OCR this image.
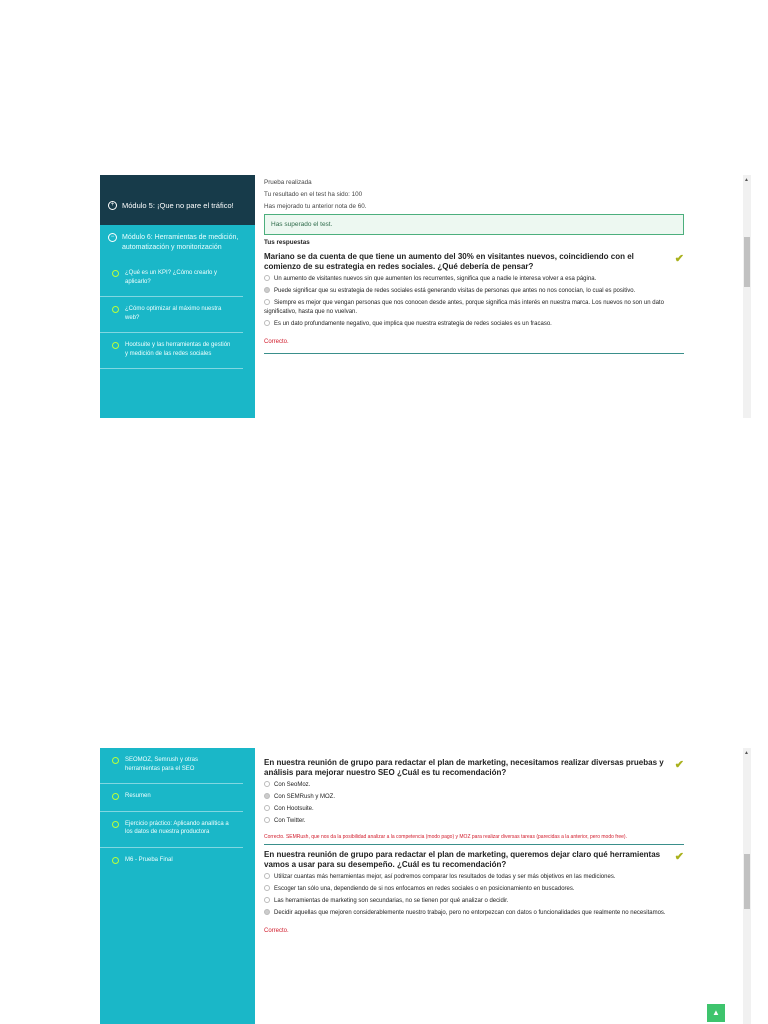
+	Módulo 5: ¡Que no pare el tráfico!
−	Módulo 6: Herramientas de medición, automatización y monitorización
¿Qué es un KPI? ¿Cómo crearlo y aplicarlo?
¿Cómo optimizar al máximo nuestra web?
Hootsuite y las herramientas de gestión y medición de las redes sociales

Prueba realizada

Tu resultado en el test ha sido: 100

Has mejorado tu anterior nota de 60.

Has superado el test.

Tus respuestas

Mariano se da cuenta de que tiene un aumento del 30% en visitantes nuevos, coincidiendo con el comienzo de su estrategia en redes sociales. ¿Qué debería de pensar?
✔
Un aumento de visitantes nuevos sin que aumenten los recurrentes, significa que a nadie le interesa volver a esa página.
Puede significar que su estrategia de redes sociales está generando visitas de personas que antes no nos conocían, lo cual es positivo.
Siempre es mejor que vengan personas que nos conocen desde antes, porque significa más interés en nuestra marca. Los nuevos no son un dato significativo, hasta que no vuelvan.
Es un dato profundamente negativo, que implica que nuestra estrategia de redes sociales es un fracaso.
Correcto.
▲
SEOMOZ, Semrush y otras herramientas para el SEO
Resumen
Ejercicio práctico: Aplicando analítica a los datos de nuestra productora
M6 - Prueba Final
En nuestra reunión de grupo para redactar el plan de marketing, necesitamos realizar diversas pruebas y análisis para mejorar nuestro SEO ¿Cuál es tu recomendación?
✔
Con SeoMoz.
Con SEMRush y MOZ.
Con Hootsuite.
Con Twitter.
Correcto. SEMRush, que nos da la posibilidad analizar a la competencia (modo pago) y MOZ para realizar diversas tareas (parecidas a la anterior, pero modo free).
En nuestra reunión de grupo para redactar el plan de marketing, queremos dejar claro qué herramientas vamos a usar para su desempeño. ¿Cuál es tu recomendación?
✔
Utilizar cuantas más herramientas mejor, así podremos comparar los resultados de todas y ser más objetivos en las mediciones.
Escoger tan sólo una, dependiendo de si nos enfocamos en redes sociales o en posicionamiento en buscadores.
Las herramientas de marketing son secundarias, no se tienen por qué analizar o decidir.
Decidir aquellas que mejoren considerablemente nuestro trabajo, pero no entorpezcan con datos o funcionalidades que realmente no necesitamos.
Correcto.
▲
▲
